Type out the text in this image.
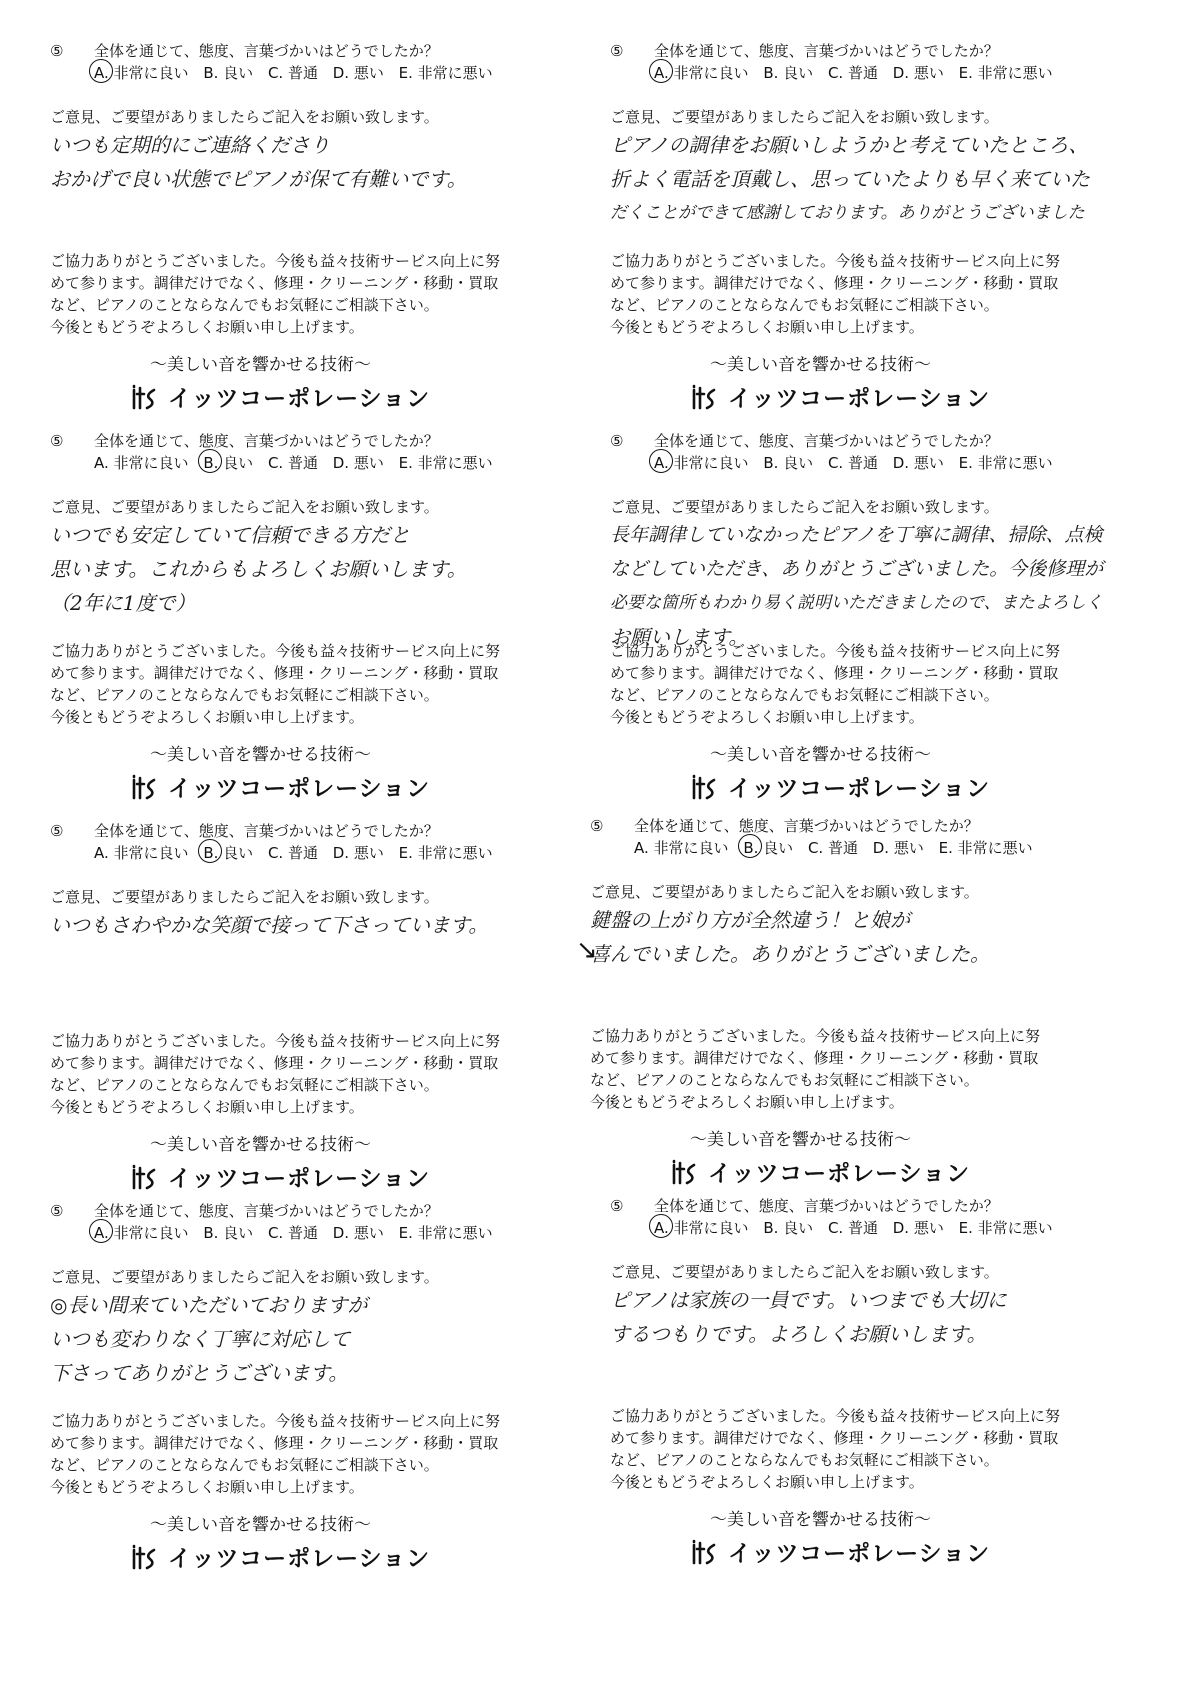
⑤ 全体を通じて、態度、言葉づかいはどうでしたか？
A. 非常に良い B. 良い C. 普通 D. 悪い E. 非常に悪い
ご意見、ご要望がありましたらご記入をお願い致します。
いつも定期的にご連絡くださり
おかげで良い状態でピアノが保て有難いです。
ご協力ありがとうございました。今後も益々技術サービス向上に努
めて参ります。調律だけでなく、修理・クリーニング・移動・買取
など、ピアノのことならなんでもお気軽にご相談下さい。
今後ともどうぞよろしくお願い申し上げます。
〜美しい音を響かせる技術〜
イッツコーポレーション
⑤ 全体を通じて、態度、言葉づかいはどうでしたか？
A. 非常に良い B. 良い C. 普通 D. 悪い E. 非常に悪い
ご意見、ご要望がありましたらご記入をお願い致します。
ピアノの調律をお願いしようかと考えていたところ、
折よく電話を頂戴し、思っていたよりも早く来ていた
だくことができて感謝しております。ありがとうございました
ご協力ありがとうございました。今後も益々技術サービス向上に努
めて参ります。調律だけでなく、修理・クリーニング・移動・買取
など、ピアノのことならなんでもお気軽にご相談下さい。
今後ともどうぞよろしくお願い申し上げます。
〜美しい音を響かせる技術〜
イッツコーポレーション
⑤ 全体を通じて、態度、言葉づかいはどうでしたか？
A. 非常に良い B. 良い C. 普通 D. 悪い E. 非常に悪い
ご意見、ご要望がありましたらご記入をお願い致します。
いつでも安定していて信頼できる方だと
思います。これからもよろしくお願いします。
（2年に1度で）
ご協力ありがとうございました。今後も益々技術サービス向上に努
めて参ります。調律だけでなく、修理・クリーニング・移動・買取
など、ピアノのことならなんでもお気軽にご相談下さい。
今後ともどうぞよろしくお願い申し上げます。
〜美しい音を響かせる技術〜
イッツコーポレーション
⑤ 全体を通じて、態度、言葉づかいはどうでしたか？
A. 非常に良い B. 良い C. 普通 D. 悪い E. 非常に悪い
ご意見、ご要望がありましたらご記入をお願い致します。
長年調律していなかったピアノを丁寧に調律、掃除、点検
などしていただき、ありがとうございました。今後修理が
必要な箇所もわかり易く説明いただきましたので、またよろしく
お願いします。
ご協力ありがとうございました。今後も益々技術サービス向上に努
めて参ります。調律だけでなく、修理・クリーニング・移動・買取
など、ピアノのことならなんでもお気軽にご相談下さい。
今後ともどうぞよろしくお願い申し上げます。
〜美しい音を響かせる技術〜
イッツコーポレーション
⑤ 全体を通じて、態度、言葉づかいはどうでしたか？
A. 非常に良い B. 良い C. 普通 D. 悪い E. 非常に悪い
ご意見、ご要望がありましたらご記入をお願い致します。
いつもさわやかな笑顔で接って下さっています。
ご協力ありがとうございました。今後も益々技術サービス向上に努
めて参ります。調律だけでなく、修理・クリーニング・移動・買取
など、ピアノのことならなんでもお気軽にご相談下さい。
今後ともどうぞよろしくお願い申し上げます。
〜美しい音を響かせる技術〜
イッツコーポレーション
⑤ 全体を通じて、態度、言葉づかいはどうでしたか？
A. 非常に良い B. 良い C. 普通 D. 悪い E. 非常に悪い
ご意見、ご要望がありましたらご記入をお願い致します。
鍵盤の上がり方が全然違う！と娘が
喜んでいました。ありがとうございました。
ご協力ありがとうございました。今後も益々技術サービス向上に努
めて参ります。調律だけでなく、修理・クリーニング・移動・買取
など、ピアノのことならなんでもお気軽にご相談下さい。
今後ともどうぞよろしくお願い申し上げます。
〜美しい音を響かせる技術〜
イッツコーポレーション
↘
⑤ 全体を通じて、態度、言葉づかいはどうでしたか？
A. 非常に良い B. 良い C. 普通 D. 悪い E. 非常に悪い
ご意見、ご要望がありましたらご記入をお願い致します。
◎長い間来ていただいておりますが
いつも変わりなく丁寧に対応して
下さってありがとうございます。
ご協力ありがとうございました。今後も益々技術サービス向上に努
めて参ります。調律だけでなく、修理・クリーニング・移動・買取
など、ピアノのことならなんでもお気軽にご相談下さい。
今後ともどうぞよろしくお願い申し上げます。
〜美しい音を響かせる技術〜
イッツコーポレーション
⑤ 全体を通じて、態度、言葉づかいはどうでしたか？
A. 非常に良い B. 良い C. 普通 D. 悪い E. 非常に悪い
ご意見、ご要望がありましたらご記入をお願い致します。
ピアノは家族の一員です。いつまでも大切に
するつもりです。よろしくお願いします。
ご協力ありがとうございました。今後も益々技術サービス向上に努
めて参ります。調律だけでなく、修理・クリーニング・移動・買取
など、ピアノのことならなんでもお気軽にご相談下さい。
今後ともどうぞよろしくお願い申し上げます。
〜美しい音を響かせる技術〜
イッツコーポレーション
